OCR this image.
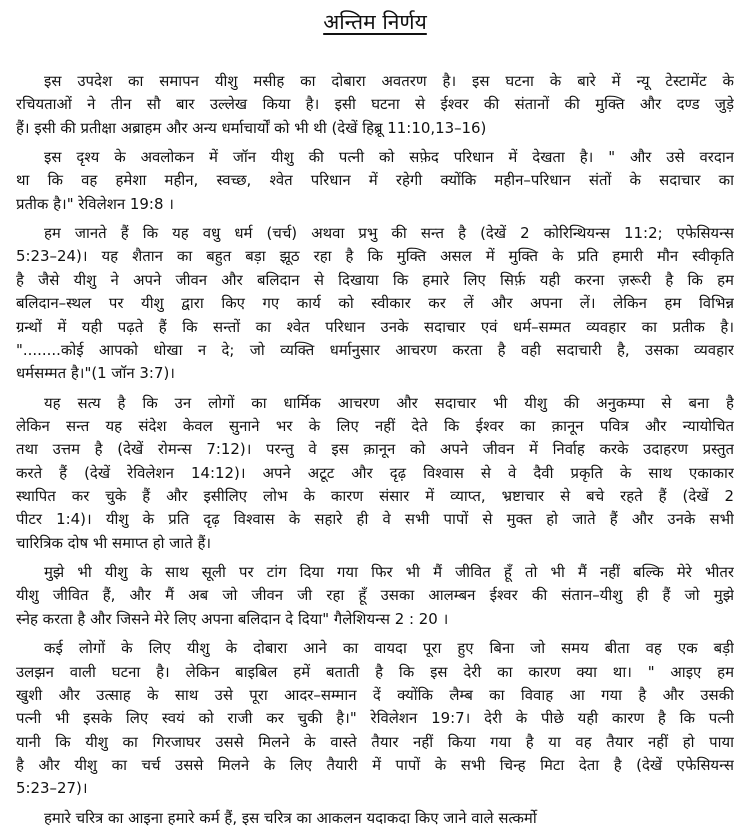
अन्तिम निर्णय
इस उपदेश का समापन यीशु मसीह का दोबारा अवतरण है। इस घटना के बारे में न्यू टेस्टामेंट के
रचियताओं ने तीन सौ बार उल्लेख किया है। इसी घटना से ईश्वर की संतानों की मुक्ति और दण्ड जुड़े
हैं। इसी की प्रतीक्षा अब्राहम और अन्य धर्माचार्यों को भी थी (देखें हिब्रू 11:10,13–16)
इस दृश्य के अवलोकन में जॉन यीशु की पत्नी को सफ़ेद परिधान में देखता है। " और उसे वरदान
था कि वह हमेशा महीन, स्वच्छ, श्वेत परिधान में रहेगी क्योंकि महीन–परिधान संतों के सदाचार का
प्रतीक है।" रेविलेशन 19:8 ।
हम जानते हैं कि यह वधु धर्म (चर्च) अथवा प्रभु की सन्त है (देखें 2 कोरिन्थियन्स 11:2; एफेसियन्स
5:23–24)। यह शैतान का बहुत बड़ा झूठ रहा है कि मुक्ति असल में मुक्ति के प्रति हमारी मौन स्वीकृति
है जैसे यीशु ने अपने जीवन और बलिदान से दिखाया कि हमारे लिए सिर्फ़ यही करना ज़रूरी है कि हम
बलिदान–स्थल पर यीशु द्वारा किए गए कार्य को स्वीकार कर लें और अपना लें। लेकिन हम विभिन्न
ग्रन्थों में यही पढ़ते हैं कि सन्तों का श्वेत परिधान उनके सदाचार एवं धर्म–सम्मत व्यवहार का प्रतीक है।
"........कोई आपको धोखा न दे; जो व्यक्ति धर्मानुसार आचरण करता है वही सदाचारी है, उसका व्यवहार
धर्मसम्मत है।"(1 जॉन 3:7)।
यह सत्य है कि उन लोगों का धार्मिक आचरण और सदाचार भी यीशु की अनुकम्पा से बना है
लेकिन सन्त यह संदेश केवल सुनाने भर के लिए नहीं देते कि ईश्वर का क़ानून पवित्र और न्यायोचित
तथा उत्तम है (देखें रोमन्स 7:12)। परन्तु वे इस क़ानून को अपने जीवन में निर्वाह करके उदाहरण प्रस्तुत
करते हैं (देखें रेविलेशन 14:12)। अपने अटूट और दृढ़ विश्वास से वे दैवी प्रकृति के साथ एकाकार
स्थापित कर चुके हैं और इसीलिए लोभ के कारण संसार में व्याप्त, भ्रष्टाचार से बचे रहते हैं (देखें 2
पीटर 1:4)। यीशु के प्रति दृढ़ विश्वास के सहारे ही वे सभी पापों से मुक्त हो जाते हैं और उनके सभी
चारित्रिक दोष भी समाप्त हो जाते हैं।
मुझे भी यीशु के साथ सूली पर टांग दिया गया फिर भी मैं जीवित हूँ तो भी मैं नहीं बल्कि मेरे भीतर
यीशु जीवित हैं, और मैं अब जो जीवन जी रहा हूँ उसका आलम्बन ईश्वर की संतान–यीशु ही हैं जो मुझे
स्नेह करता है और जिसने मेरे लिए अपना बलिदान दे दिया" गैलेशियन्स 2 : 20 ।
कई लोगों के लिए यीशु के दोबारा आने का वायदा पूरा हुए बिना जो समय बीता वह एक बड़ी
उलझन वाली घटना है। लेकिन बाइबिल हमें बताती है कि इस देरी का कारण क्या था। " आइए हम
खुशी और उत्साह के साथ उसे पूरा आदर–सम्मान दें क्योंकि लैम्ब का विवाह आ गया है और उसकी
पत्नी भी इसके लिए स्वयं को राजी कर चुकी है।" रेविलेशन 19:7। देरी के पीछे यही कारण है कि पत्नी
यानी कि यीशु का गिरजाघर उससे मिलने के वास्ते तैयार नहीं किया गया है या वह तैयार नहीं हो पाया
है और यीशु का चर्च उससे मिलने के लिए तैयारी में पापों के सभी चिन्ह मिटा देता है (देखें एफेसियन्स
5:23–27)।
हमारे चरित्र का आइना हमारे कर्म हैं, इस चरित्र का आकलन यदाकदा किए जाने वाले सत्कर्मो
